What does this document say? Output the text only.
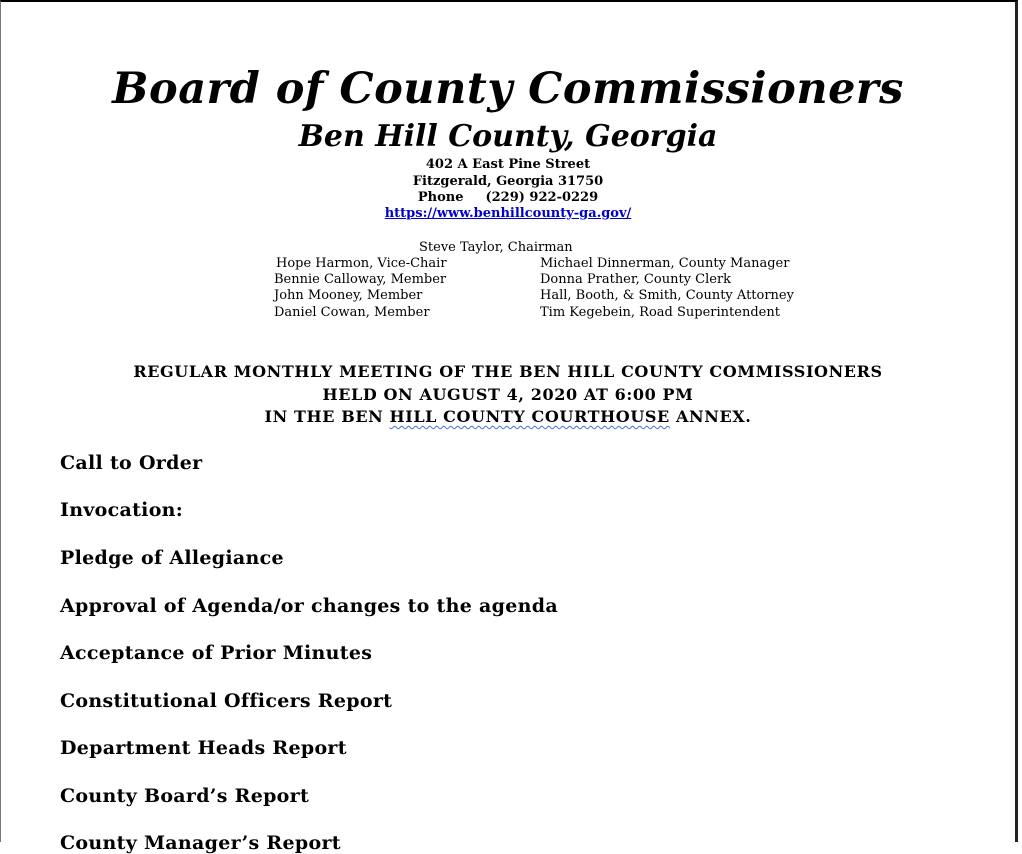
Board of County Commissioners
Ben Hill County, Georgia
402 A East Pine Street
Fitzgerald, Georgia 31750
Phone (229) 922-0229
https://www.benhillcounty-ga.gov/
Steve Taylor, Chairman
Hope Harmon, Vice-Chair
Bennie Calloway, Member
John Mooney, Member
Daniel Cowan, Member
Michael Dinnerman, County Manager
Donna Prather, County Clerk
Hall, Booth, & Smith, County Attorney
Tim Kegebein, Road Superintendent
REGULAR MONTHLY MEETING OF THE BEN HILL COUNTY COMMISSIONERS
HELD ON AUGUST 4, 2020 AT 6:00 PM
IN THE BEN HILL COUNTY COURTHOUSE ANNEX.
Call to Order
Invocation:
Pledge of Allegiance
Approval of Agenda/or changes to the agenda
Acceptance of Prior Minutes
Constitutional Officers Report
Department Heads Report
County Board’s Report
County Manager’s Report
